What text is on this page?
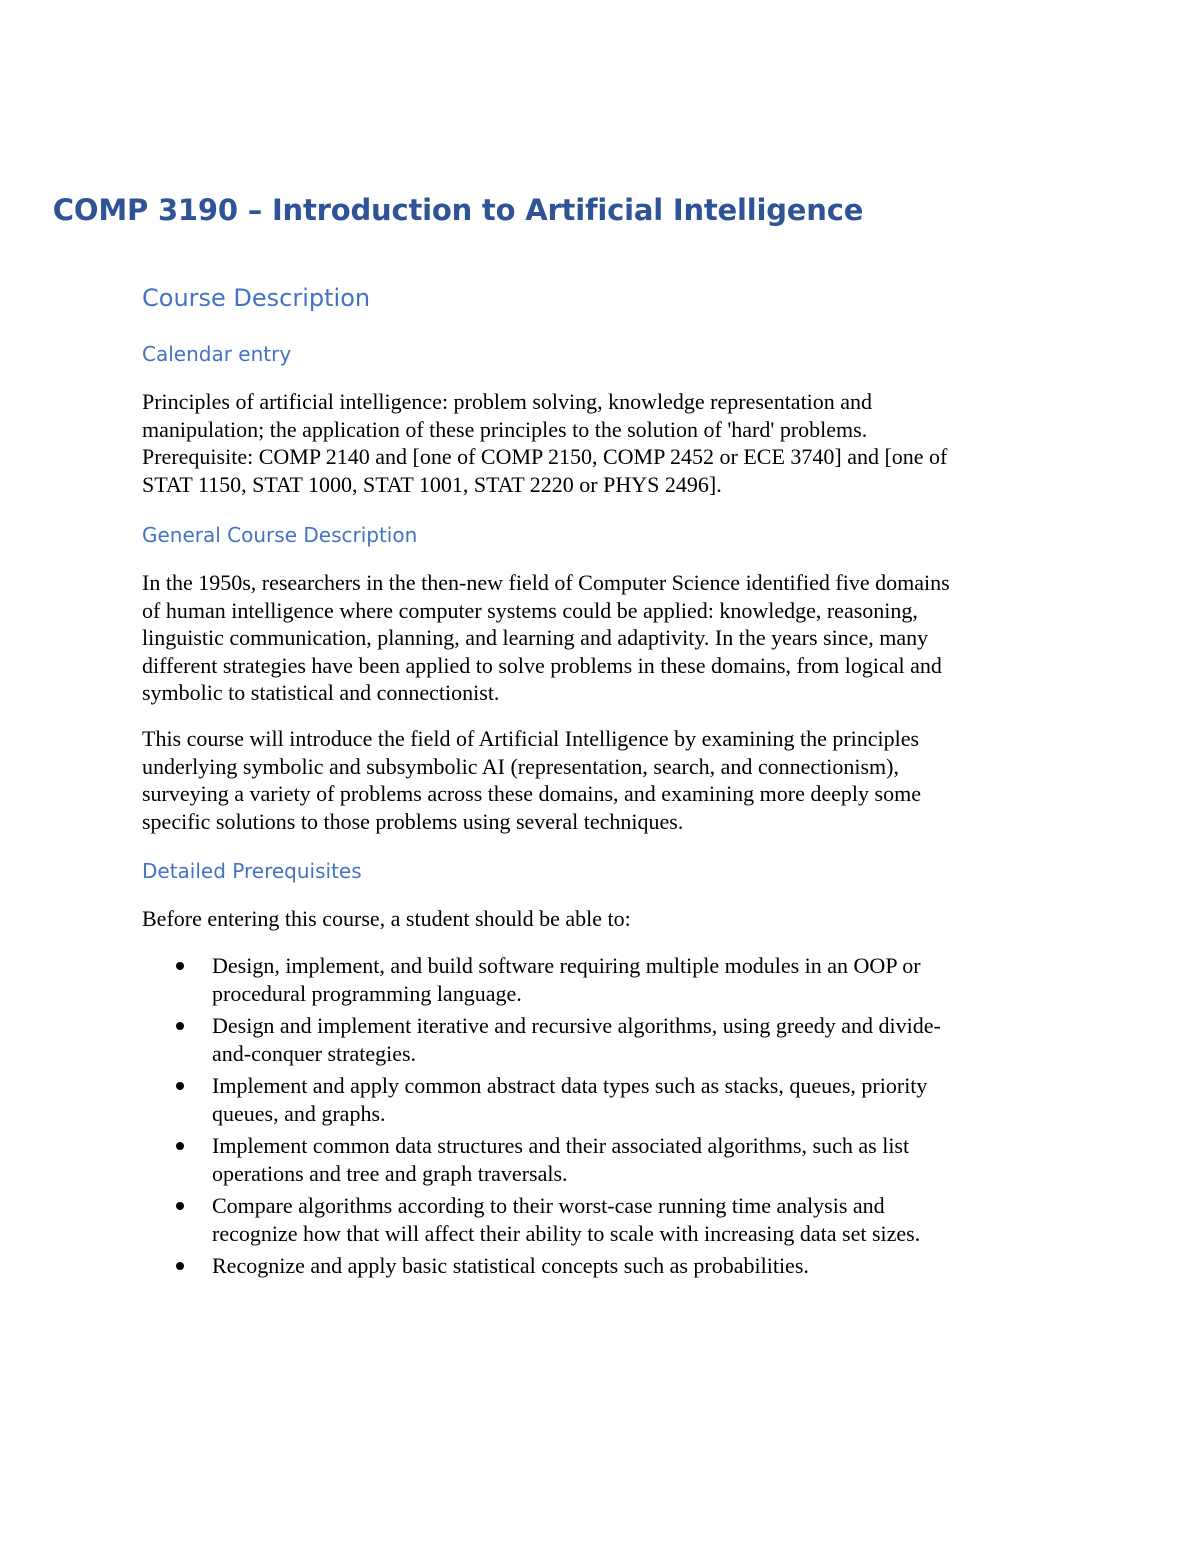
COMP 3190 – Introduction to Artificial Intelligence
Course Description
Calendar entry

Principles of artificial intelligence: problem solving, knowledge representation and
manipulation; the application of these principles to the solution of 'hard' problems.
Prerequisite: COMP 2140 and [one of COMP 2150, COMP 2452 or ECE 3740] and [one of
STAT 1150, STAT 1000, STAT 1001, STAT 2220 or PHYS 2496].

General Course Description

In the 1950s, researchers in the then-new field of Computer Science identified five domains
of human intelligence where computer systems could be applied: knowledge, reasoning,
linguistic communication, planning, and learning and adaptivity. In the years since, many
different strategies have been applied to solve problems in these domains, from logical and
symbolic to statistical and connectionist.

This course will introduce the field of Artificial Intelligence by examining the principles
underlying symbolic and subsymbolic AI (representation, search, and connectionism),
surveying a variety of problems across these domains, and examining more deeply some
specific solutions to those problems using several techniques.

Detailed Prerequisites

Before entering this course, a student should be able to:

Design, implement, and build software requiring multiple modules in an OOP or
procedural programming language.
Design and implement iterative and recursive algorithms, using greedy and divide-
and-conquer strategies.
Implement and apply common abstract data types such as stacks, queues, priority
queues, and graphs.
Implement common data structures and their associated algorithms, such as list
operations and tree and graph traversals.
Compare algorithms according to their worst-case running time analysis and
recognize how that will affect their ability to scale with increasing data set sizes.
Recognize and apply basic statistical concepts such as probabilities.
